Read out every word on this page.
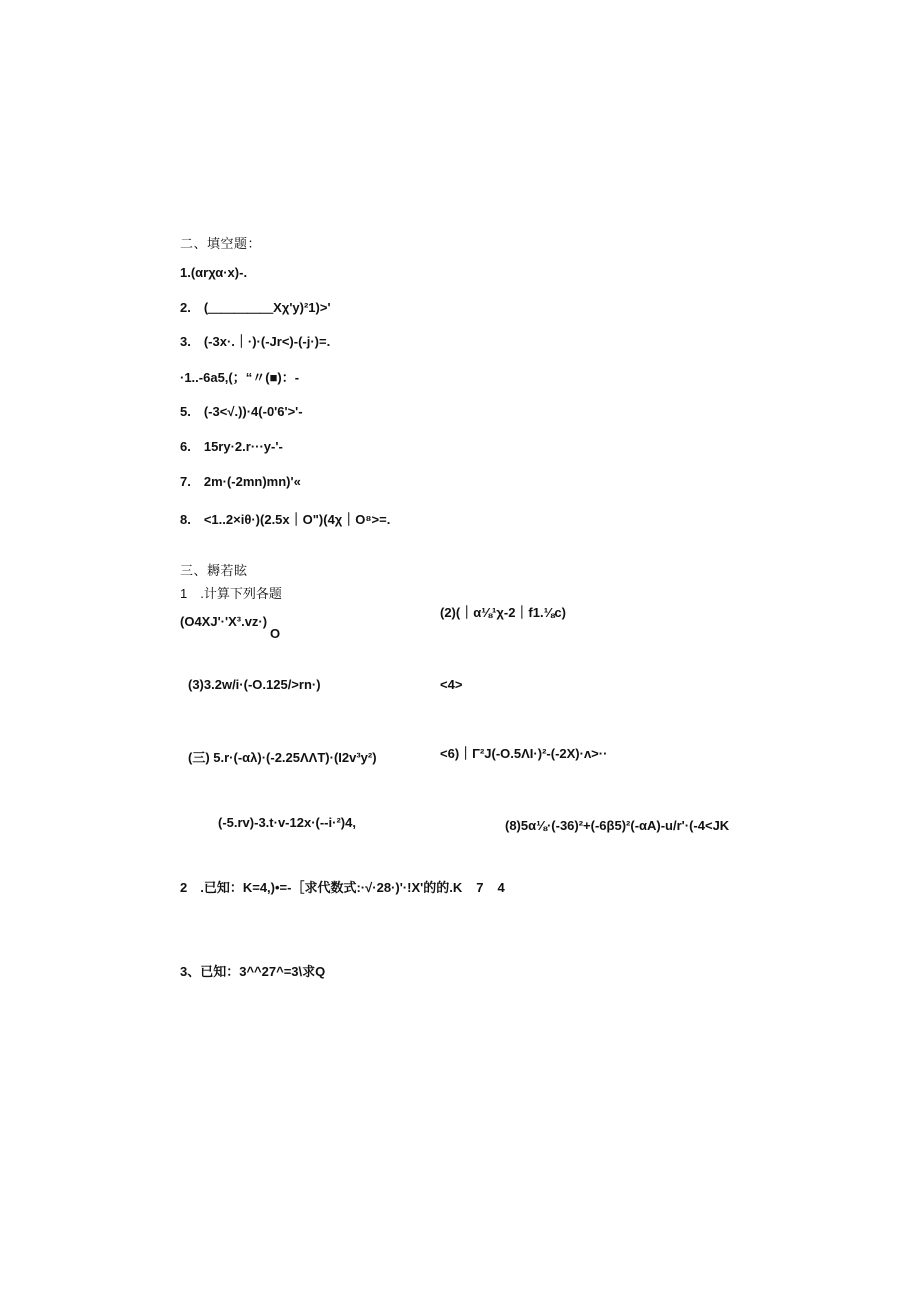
二、填空题：
1.(αrχα·x)-.
2.　(＿＿＿＿＿Xχ'y)²1)>'
3.　(-3x·.｜·)·(-Jr<)-(-j·)=.
·1..-6a5,(；“〃(■)：-
5.　(-3<√.))·4(-0'6'>'-
6.　15ry·2.r···y-'-
7.　2m·(-2mn)mn)'«
8.　<1..2×iθ·)(2.5x｜O")(4χ｜O⁸>=.
三、耨若眩
1　.计算下列各题
(O4XJ'·'X³.vz·)
O
(2)(｜α⅛¹χ-2｜f1.⅛c)
(3)3.2w/i·(-O.125/>rn·)	<4>
(三) 5.r·(-αλ)·(-2.25ΛΛT)·(I2v³y²)	<6)｜Γ²J(-O.5ΛI·)²-(-2X)·ʌ>··
(-5.rv)-3.t·v-12x·(--i·²)4,	(8)5α⅛·(-36)²+(-6β5)²(-αA)-u/r'·(-4<JK
2　.已知：K=4,)•=-［求代数式:·√·28·)'·!X'的的.K 7 4
3、已知：3^^27^=3\求Q
